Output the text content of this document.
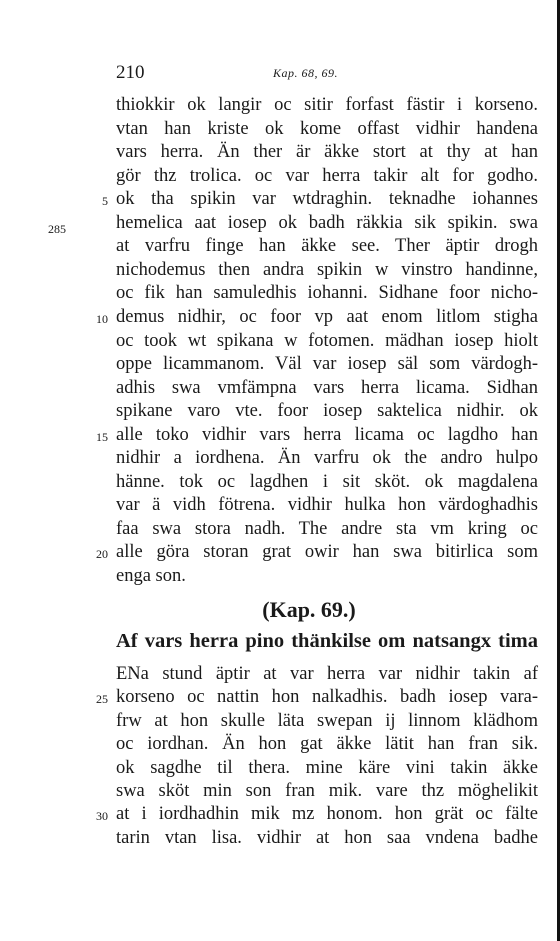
210	Kap. 68, 69.
thiokkir ok langir oc sitir forfast fästir i korseno.
vtan han kriste ok kome offast vidhir handena
vars herra. Än ther är äkke stort at thy at han
gör thz trolica. oc var herra takir alt for godho.
ok tha spikin var wtdraghin. teknadhe iohannes
5
hemelica aat iosep ok badh räkkia sik spikin. swa
at varfru finge han äkke see. Ther äptir drogh
nichodemus then andra spikin w vinstro handinne,
oc fik han samuledhis iohanni. Sidhane foor nicho-
demus nidhir, oc foor vp aat enom litlom stigha
10
oc took wt spikana w fotomen. mädhan iosep hiolt
oppe licammanom. Väl var iosep säl som värdogh-
adhis swa vmfämpna vars herra licama. Sidhan
spikane varo vte. foor iosep saktelica nidhir. ok
alle toko vidhir vars herra licama oc lagdho han
15
nidhir a iordhena. Än varfru ok the andro hulpo
hänne. tok oc lagdhen i sit sköt. ok magdalena
var ä vidh fötrena. vidhir hulka hon värdoghadhis
faa swa stora nadh. The andre sta vm kring oc
alle göra storan grat owir han swa bitirlica som
20
enga son.
285
(Kap. 69.)
Af vars herra pino thänkilse om natsangx tima
ENa stund äptir at var herra var nidhir takin af
korseno oc nattin hon nalkadhis. badh iosep vara-
25
frw at hon skulle läta swepan ij linnom klädhom
oc iordhan. Än hon gat äkke lätit han fran sik.
ok sagdhe til thera. mine käre vini takin äkke
swa sköt min son fran mik. vare thz möghelikit
at i iordhadhin mik mz honom. hon grät oc fälte
30
tarin vtan lisa. vidhir at hon saa vndena badhe
